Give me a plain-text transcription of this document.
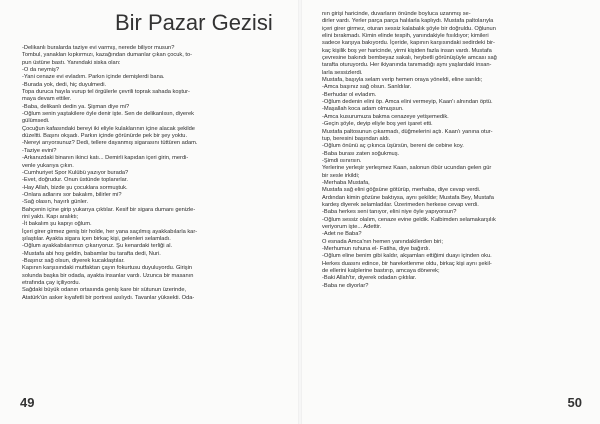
Bir Pazar Gezisi

-Delikanlı buralarda taziye evi varmış, nerede biliyor musun?

Tombul, yanakları kıpkırmızı, kazağından dumanlar çıkan çocuk, to-

pun üstüne bastı. Yanındaki siska olan:

-O da neymiş?

-Yani cenaze evi evladım. Parkın içinde demişlerdi bana.

-Burada yok, dedi, hiç duyulmedi.

Topa duruca hayıla vurup tel örgülerle çevrili toprak sahada koştur-

maya devam ettiler.

-Baba, delikanlı dedin ya. Şişman diye mi?

-Oğlum senin yaştakilere öyle denir işte. Sen de delikanlısın, diyerek

gülümsedi.

Çocuğun kafasındaki bereyi iki eliyle kulaklarının içine alacak şekilde

düzeltti. Başını okşadı. Parkın içinde görünürde pek bir şey yoktu.

-Nereyi arıyorsunuz? Dedi, tellere dayanmış sigarasını tüttüren adam.

-Taziye evini?

-Arkanızdaki binanın ikinci katı... Demirli kapıdan içeri girin, merdi-

venle yukarıya çıkın.

-Cumhuriyet Spor Kulübü yazıyor burada?

-Evet, doğrudur. Onun üstünde toplanırlar.

-Hay Allah, bizde şu çocuklara sormuştuk.

-Onlara adlarını sor bakalım, bilirler mi?

-Sağ olasın, hayırlı günler.

Bahçenin içine girip yukarıya çıktılar. Kesif bir sigara dumanı genizle-

rini yaktı. Kapı aralıktı;

-İt bakalım şu kapıyı oğlum.

İçeri girer girmez geniş bir holde, her yana saçılmış ayakkabılarla kar-

şılaştılar. Ayakta sigara içen birkaç kişi, gelenleri selamladı.

-Oğlum ayakkabılarımızı çıkarıyoruz. Şu kenardaki terliği al.

-Mustafa abi hoş geldin, babamlar bu tarafta dedi, Nuri.

-Başınız sağ olsun, diyerek kucaklaştılar.

Kapının karşısındaki mutfaktan çayın fokurtusu duyuluyordu. Girişin

solunda başka bir odada, ayakta insanlar vardı. Uzunca bir masanın

etrafında çay içiliyordu.

Sağdaki büyük odanın ortasında geniş kare bir sütunun üzerinde,

Atatürk'ün asker kıyafetli bir portresi asılıydı. Tavanlar yüksekti. Oda-

49

nın girişi haricinde, duvarların önünde boyluca uzanmış se-

dirler vardı. Yerler parça parça halılarla kaplıydı. Mustafa paltolarıyla

içeri girer girmez, oturan sessiz kalabalık şöyle bir doğruldu. Oğlunun

elini bırakmadı. Kimin elinde tespih, yanındakiyle fısıldıyor; kimileri

sadece karşıya bakıyordu. İçeride, kapının karşısındaki sedirdeki bir-

kaç kişilik boş yer haricinde, yirmi kişiden fazla insan vardı. Mustafa

çevresine bakındı bembeyaz sakalı, heybetli görünüşüyle amcası sağ

tarafta oturuyordu. Her ikiyanında tanımadığı aynı yaşlardaki insan-

larla sessizlerdi.

Mustafa, başıyla selam verip hemen oraya yöneldi, eline sarıldı;

-Amca başınız sağ olsun. Sanldılar.

-Berhudar ol evladım.

-Oğlum dedenin elini öp. Amca elini vermeyip, Kaan'ı alnından öptü.

-Maşallah koca adam olmuşsun.

-Amca kusurumuza bakma cenazeye yetişemedik.

-Geçin şöyle, deyip eliyle boş yeri işaret etti.

Mustafa paltosunun çıkarmadı, düğmelerini açtı. Kaan'ı yanına otur-

tup, beresini başından aldı.

-Oğlum önünü aç çıkınca üşürsün, bereni de cebine koy.

-Baba burası zaten soğukmuş.

-Şimdi ısınırsın.

Yerlerine yerleşir yerleşmez Kaan, salonun öbür ucundan gelen gür

bir sesle irkildi;

-Merhaba Mustafa,

Mustafa sağ elini göğsüne götürüp, merhaba, diye cevap verdi.

Ardından kimin gözüne baktıysa, aynı şekilde; Mustafa Bey, Mustafa

kardeş diyerek selamladılar. Üzerimeden herkese cevap verdi.

-Baba herkes seni tanıyor, elini niye öyle yapıyorsun?

-Oğlum sessiz olalım, cenaze evine geldik. Kalbimden selamakarşılık

veriyorum işte... Adettir.

-Adet ne Baba?

O esnada Amca'nın hemen yanındakilerden biri;

-Merhumun ruhuna el- Fatiha, diye bağırdı.

-Oğlum eline benim gibi kaldır, akşamları ettiğimi duayı içinden oku.

Herkes duasını edince, bir hareketlenme oldu, birkaç kişi aynı şekil-

de ellerini kalplerine bastırıp, amcaya dönerek;

-Baki Allah'tır, diyerek odadan çıktılar.

-Baba ne diyorlar?

50
